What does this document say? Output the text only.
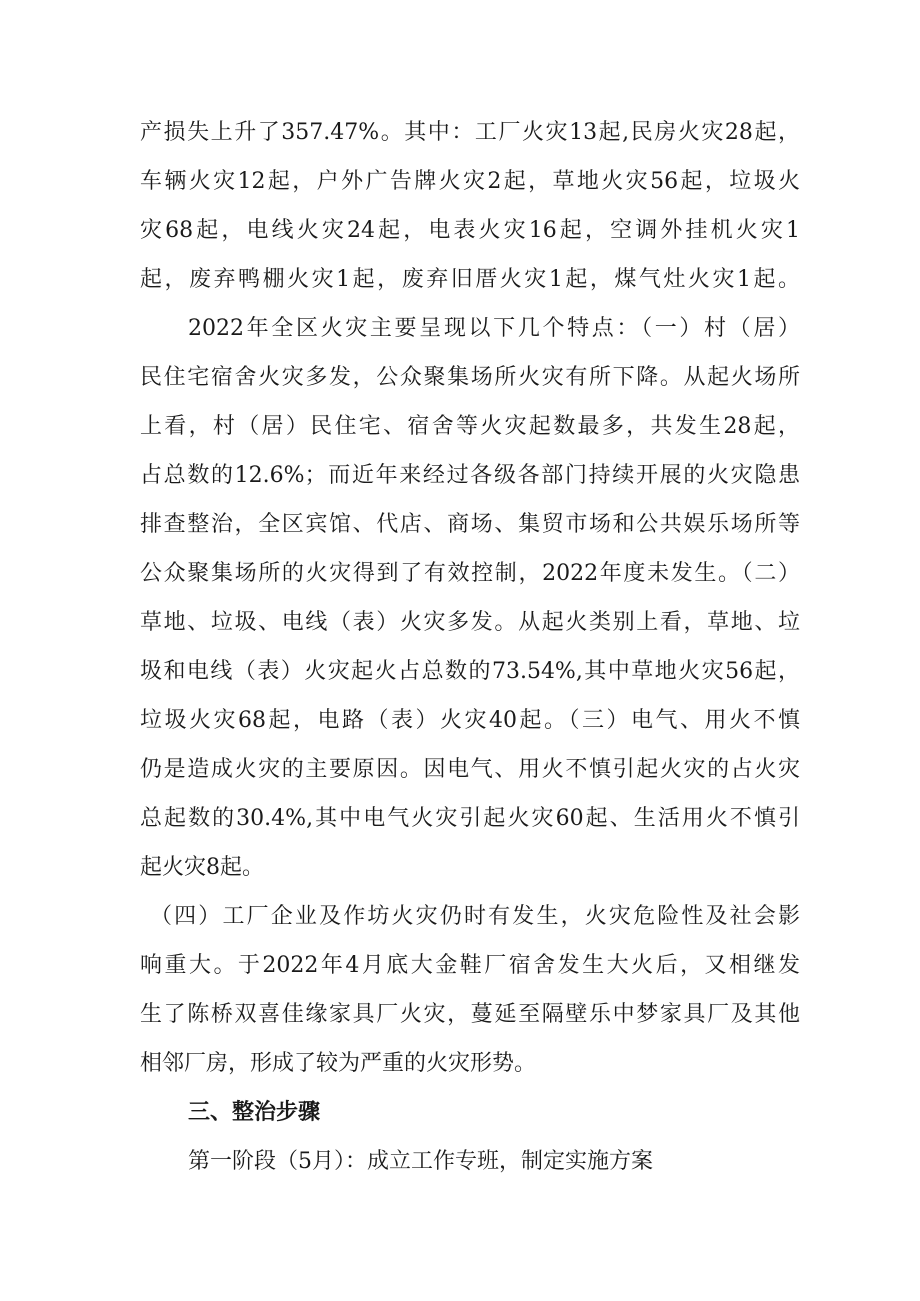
产损失上升了357.47%。其中：工厂火灾13起,民房火灾28起，
车辆火灾12起，户外广告牌火灾2起，草地火灾56起，垃圾火
灾68起，电线火灾24起，电表火灾16起，空调外挂机火灾1
起，废弃鸭棚火灾1起，废弃旧厝火灾1起，煤气灶火灾1起。
2022年全区火灾主要呈现以下几个特点：（一）村（居）
民住宅宿舍火灾多发，公众聚集场所火灾有所下降。从起火场所
上看，村（居）民住宅、宿舍等火灾起数最多，共发生28起，
占总数的12.6%；而近年来经过各级各部门持续开展的火灾隐患
排查整治，全区宾馆、代店、商场、集贸市场和公共娱乐场所等
公众聚集场所的火灾得到了有效控制，2022年度未发生。（二）
草地、垃圾、电线（表）火灾多发。从起火类别上看，草地、垃
圾和电线（表）火灾起火占总数的73.54%,其中草地火灾56起，
垃圾火灾68起，电路（表）火灾40起。（三）电气、用火不慎
仍是造成火灾的主要原因。因电气、用火不慎引起火灾的占火灾
总起数的30.4%,其中电气火灾引起火灾60起、生活用火不慎引
起火灾8起。
（四）工厂企业及作坊火灾仍时有发生，火灾危险性及社会影
响重大。于2022年4月底大金鞋厂宿舍发生大火后，又相继发
生了陈桥双喜佳缘家具厂火灾，蔓延至隔壁乐中梦家具厂及其他
相邻厂房，形成了较为严重的火灾形势。
三、整治步骤
第一阶段（5月）：成立工作专班，制定实施方案
